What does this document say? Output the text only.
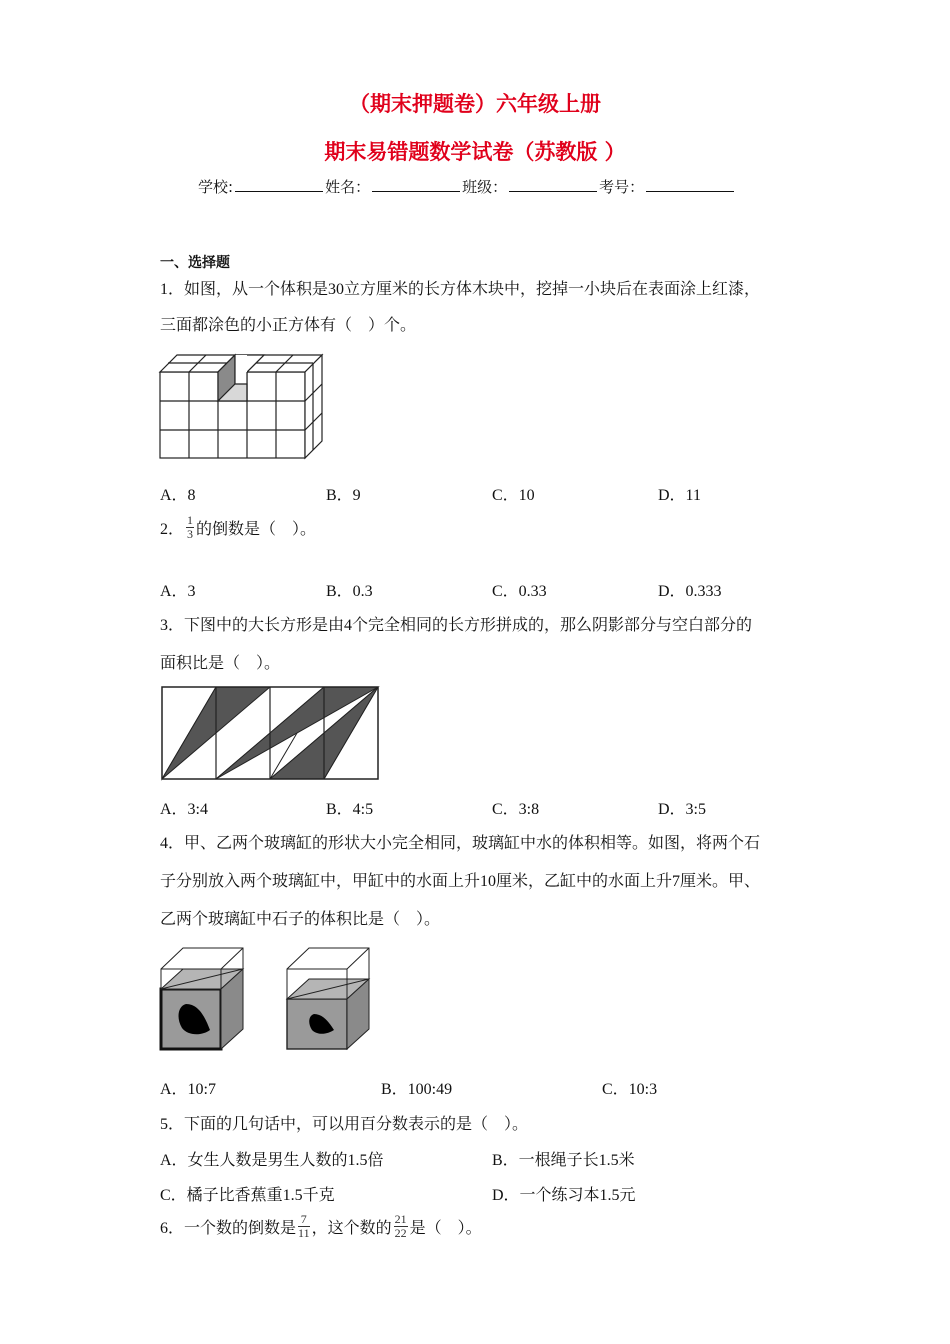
（期末押题卷）六年级上册
期末易错题数学试卷（苏教版 ）
学校:	姓名：	班级：	考号：
一、选择题
1．如图，从一个体积是30立方厘米的长方体木块中，挖掉一小块后在表面涂上红漆，
三面都涂色的小正方体有（　）个。
A．8	B．9	C．10	D．11
2． $\frac{1}{3}$ 的倒数是（　）。
A．3	B．0.3	C．0.33	D．0.333
3．下图中的大长方形是由4个完全相同的长方形拼成的，那么阴影部分与空白部分的
面积比是（　）。
A．3:4	B．4:5	C．3:8	D．3:5
4．甲、乙两个玻璃缸的形状大小完全相同，玻璃缸中水的体积相等。如图，将两个石
子分别放入两个玻璃缸中，甲缸中的水面上升10厘米，乙缸中的水面上升7厘米。甲、
乙两个玻璃缸中石子的体积比是（　）。
A．10:7	B．100:49	C．10:3
5．下面的几句话中，可以用百分数表示的是（　）。
A．女生人数是男生人数的1.5倍	B．一根绳子长1.5米
C．橘子比香蕉重1.5千克	D．一个练习本1.5元
6．一个数的倒数是 $\frac{7}{11}$ ，这个数的 $\frac{21}{22}$ 是（　）。
